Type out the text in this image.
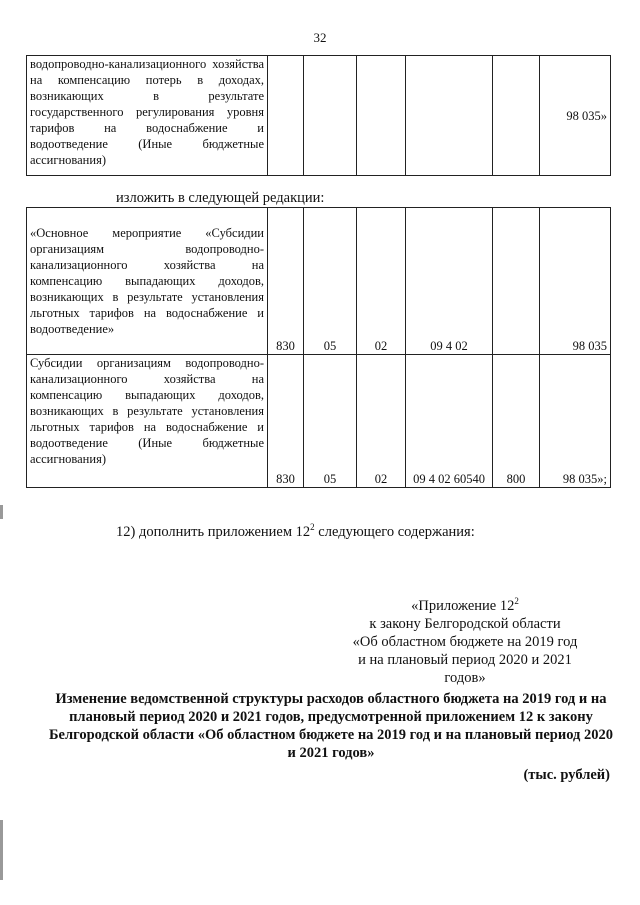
32
водопроводно-канализационного хозяйства на компенсацию потерь в доходах, возникающих в результате государственного регулирования уровня тарифов на водоснабжение и водоотведение (Иные бюджетные ассигнования)						98 035»
изложить в следующей редакции:
«Основное мероприятие «Субсидии организациям водопроводно-канализационного хозяйства на компенсацию выпадающих доходов, возникающих в результате установления льготных тарифов на водоснабжение и водоотведение»	830	05	02	09 4 02		98 035
Субсидии организациям водопроводно-канализационного хозяйства на компенсацию выпадающих доходов, возникающих в результате установления льготных тарифов на водоснабжение и водоотведение (Иные бюджетные ассигнования)	830	05	02	09 4 02 60540	800	98 035»;
12) дополнить приложением $12^2$ следующего содержания:
«Приложение $12^2$
к закону Белгородской области
«Об областном бюджете на 2019 год
и на плановый период 2020 и 2021
годов»
Изменение ведомственной структуры расходов областного бюджета на 2019 год и на плановый период 2020 и 2021 годов, предусмотренной приложением 12 к закону Белгородской области «Об областном бюджете на 2019 год и на плановый период 2020 и 2021 годов»
(тыс. рублей)
